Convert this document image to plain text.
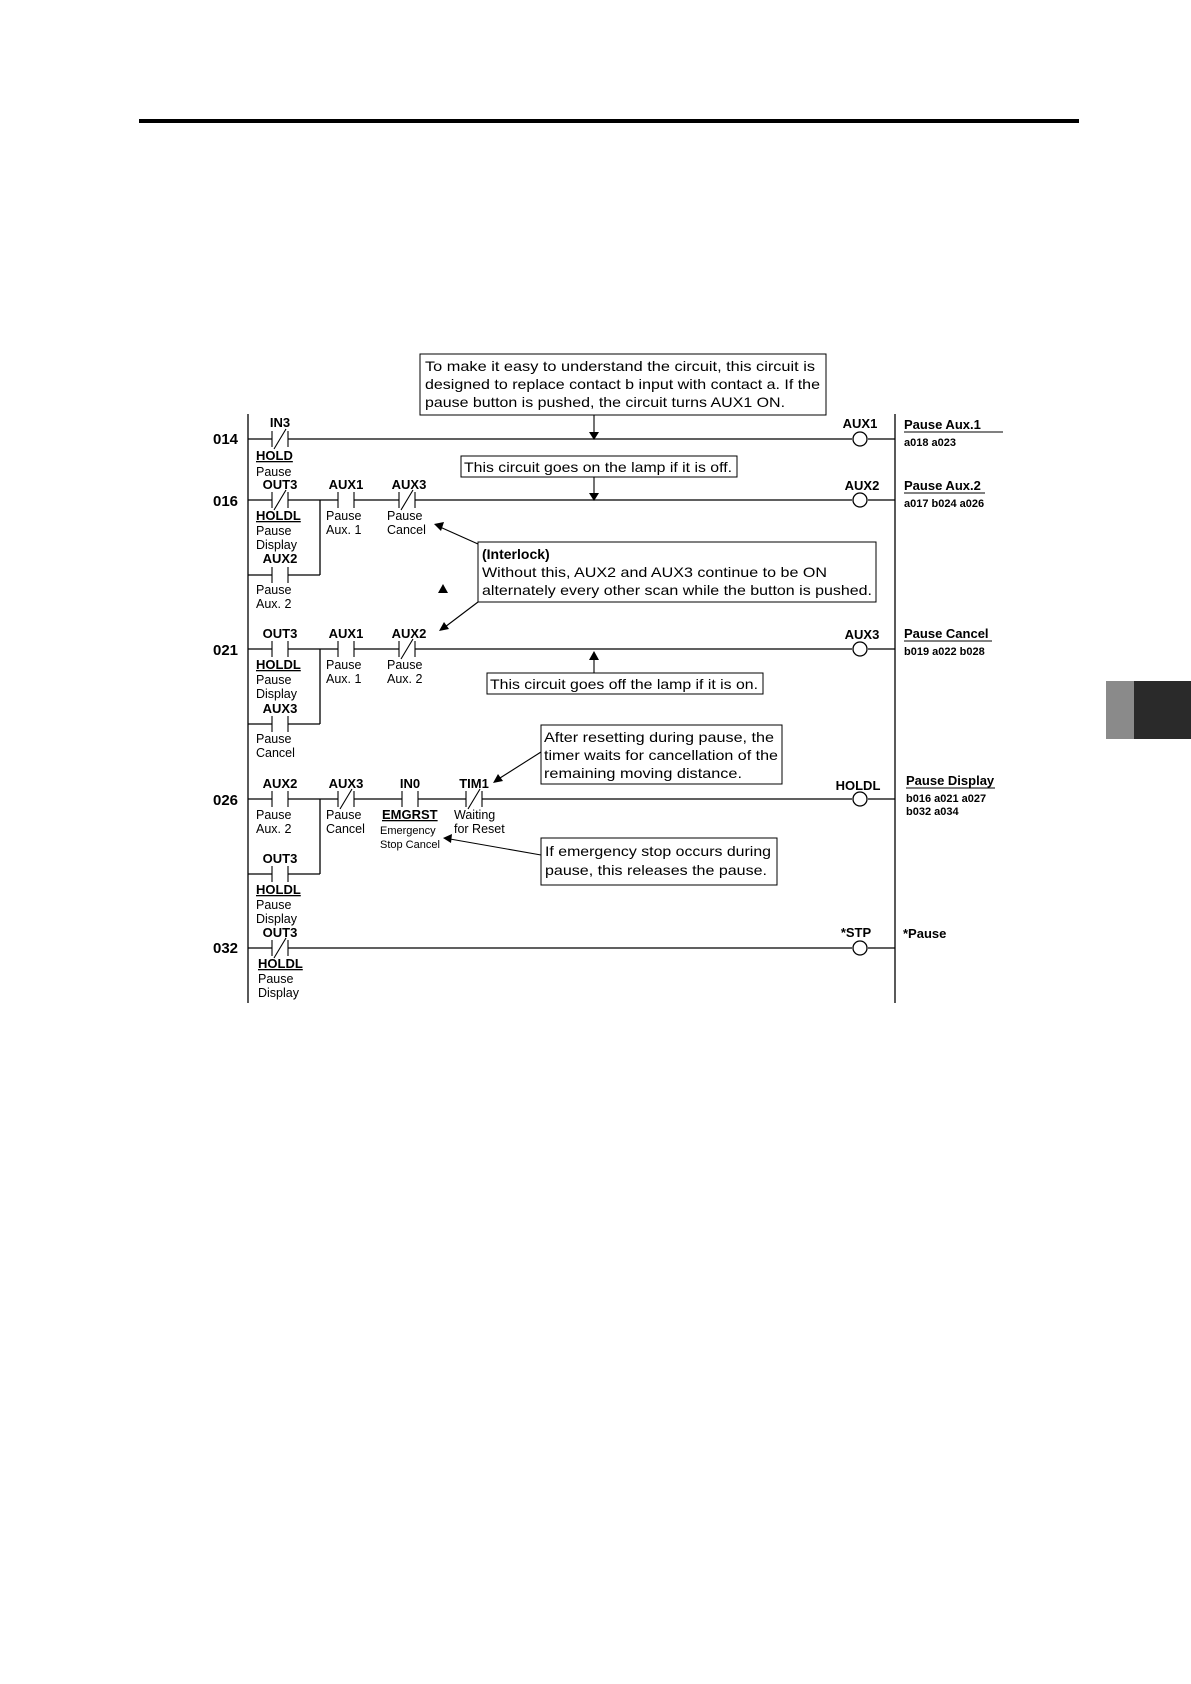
014
IN3
HOLD
Pause
AUX1 Pause Aux.1
a018 a023
016
OUT3
HOLDL
Pause
Display
AUX1
Pause
Aux. 1
AUX3
Pause
Cancel
AUX2
Pause
Aux. 2
AUX2 Pause Aux.2
a017 b024 a026
021
OUT3
HOLDL
Pause
Display
AUX1
Pause
Aux. 1
AUX2
Pause
Aux. 2
AUX3
Pause
Cancel
AUX3 Pause Cancel
b019 a022 b028
026
AUX2
Pause
Aux. 2
AUX3
Pause
Cancel
IN0
EMGRST
Emergency
Stop Cancel
TIM1
Waiting
for Reset
OUT3
HOLDL
Pause
Display
HOLDL Pause Display
b016 a021 a027
b032 a034
032
OUT3
HOLDL
Pause
Display
*STP *Pause
To make it easy to understand the circuit, this circuit is
designed to replace contact b input with contact a. If the
pause button is pushed, the circuit turns AUX1 ON.
This circuit goes on the lamp if it is off.
(Interlock)
Without this, AUX2 and AUX3 continue to be ON
alternately every other scan while the button is pushed.
This circuit goes off the lamp if it is on.
After resetting during pause, the
timer waits for cancellation of the
remaining moving distance.
If emergency stop occurs during
pause, this releases the pause.
